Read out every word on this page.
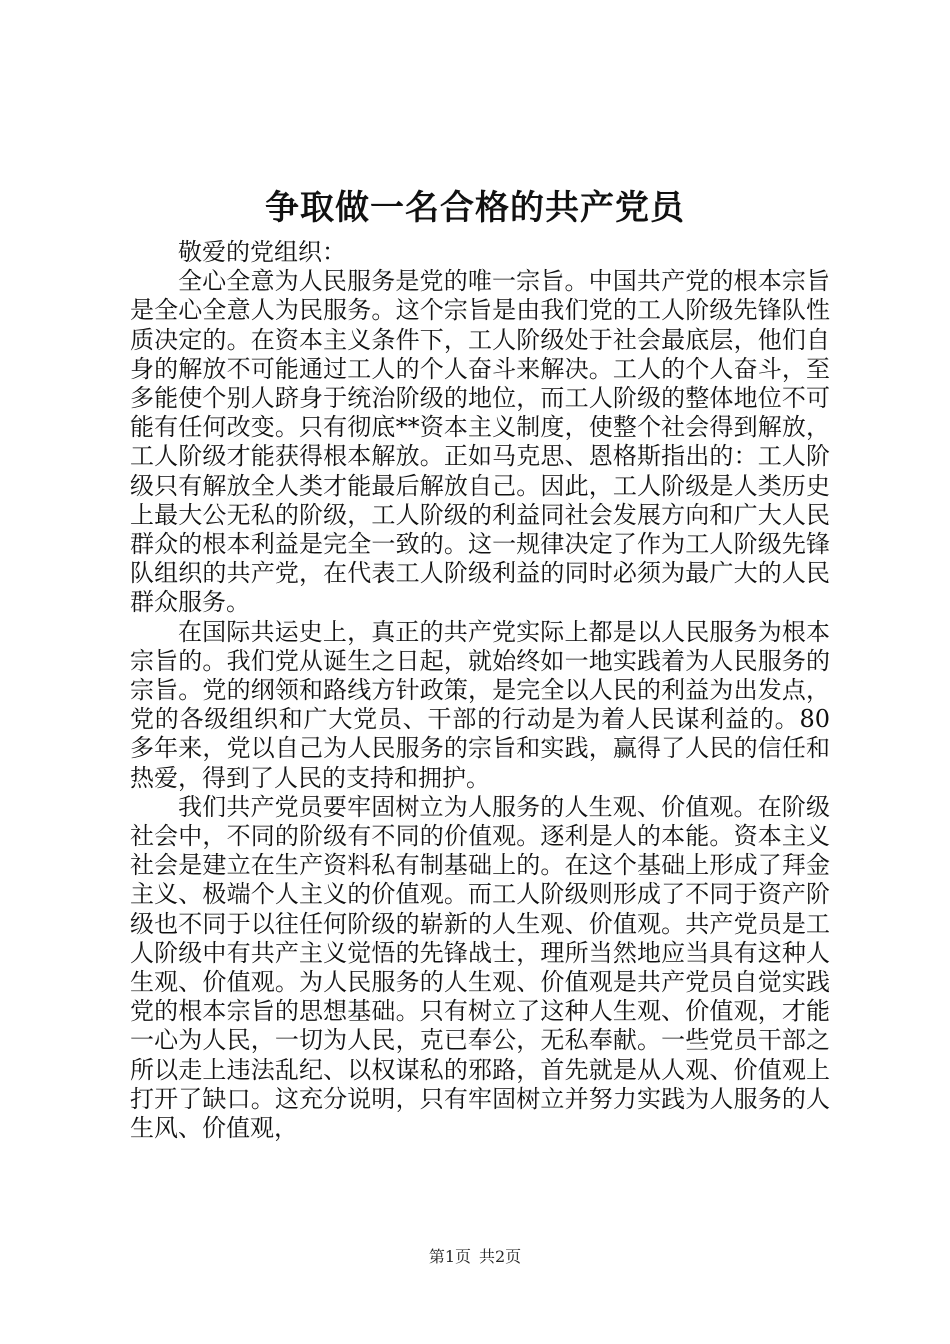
争取做一名合格的共产党员

敬爱的党组织：

全心全意为人民服务是党的唯一宗旨。中国共产党的根本宗旨是全心全意人为民服务。这个宗旨是由我们党的工人阶级先锋队性质决定的。在资本主义条件下，工人阶级处于社会最底层，他们自身的解放不可能通过工人的个人奋斗来解决。工人的个人奋斗，至多能使个别人跻身于统治阶级的地位，而工人阶级的整体地位不可能有任何改变。只有彻底**资本主义制度，使整个社会得到解放，工人阶级才能获得根本解放。正如马克思、恩格斯指出的：工人阶级只有解放全人类才能最后解放自己。因此，工人阶级是人类历史上最大公无私的阶级，工人阶级的利益同社会发展方向和广大人民群众的根本利益是完全一致的。这一规律决定了作为工人阶级先锋队组织的共产党，在代表工人阶级利益的同时必须为最广大的人民群众服务。

在国际共运史上，真正的共产党实际上都是以人民服务为根本宗旨的。我们党从诞生之日起，就始终如一地实践着为人民服务的宗旨。党的纲领和路线方针政策，是完全以人民的利益为出发点，党的各级组织和广大党员、干部的行动是为着人民谋利益的。80多年来，党以自己为人民服务的宗旨和实践，赢得了人民的信任和热爱，得到了人民的支持和拥护。

我们共产党员要牢固树立为人服务的人生观、价值观。在阶级社会中，不同的阶级有不同的价值观。逐利是人的本能。资本主义社会是建立在生产资料私有制基础上的。在这个基础上形成了拜金主义、极端个人主义的价值观。而工人阶级则形成了不同于资产阶级也不同于以往任何阶级的崭新的人生观、价值观。共产党员是工人阶级中有共产主义觉悟的先锋战士，理所当然地应当具有这种人生观、价值观。为人民服务的人生观、价值观是共产党员自觉实践党的根本宗旨的思想基础。只有树立了这种人生观、价值观，才能一心为人民，一切为人民，克已奉公，无私奉献。一些党员干部之所以走上违法乱纪、以权谋私的邪路，首先就是从人观、价值观上打开了缺口。这充分说明，只有牢固树立并努力实践为人服务的人生风、价值观，

第1页 共2页
